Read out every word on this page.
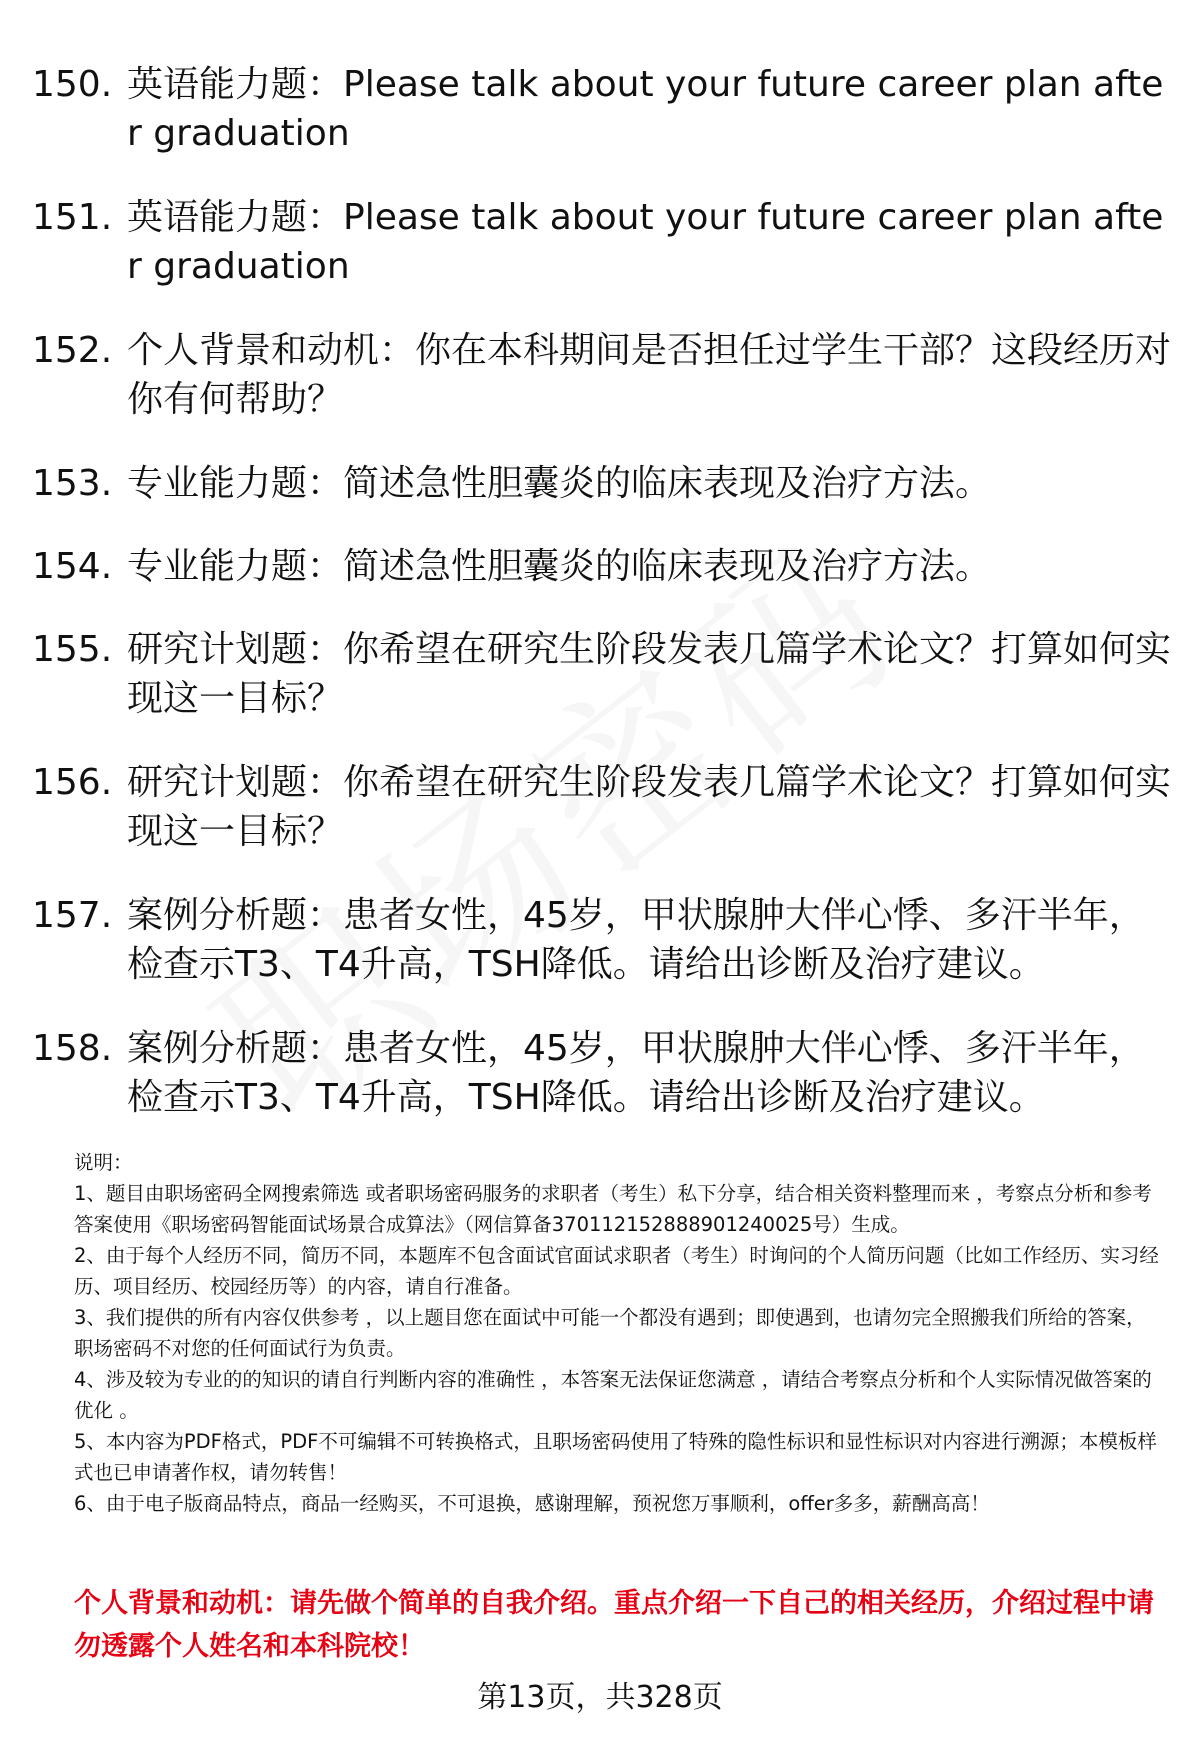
150. 英语能力题：Please talk about your future career plan after graduation
151. 英语能力题：Please talk about your future career plan after graduation
152. 个人背景和动机：你在本科期间是否担任过学生干部？这段经历对你有何帮助？
153. 专业能力题：简述急性胆囊炎的临床表现及治疗方法。
154. 专业能力题：简述急性胆囊炎的临床表现及治疗方法。
155. 研究计划题：你希望在研究生阶段发表几篇学术论文？打算如何实现这一目标？
156. 研究计划题：你希望在研究生阶段发表几篇学术论文？打算如何实现这一目标？
157. 案例分析题：患者女性，45岁，甲状腺肿大伴心悸、多汗半年，检查示T3、T4升高，TSH降低。请给出诊断及治疗建议。
158. 案例分析题：患者女性，45岁，甲状腺肿大伴心悸、多汗半年，检查示T3、T4升高，TSH降低。请给出诊断及治疗建议。

说明：

1、题目由职场密码全网搜索筛选 或者职场密码服务的求职者（考生）私下分享，结合相关资料整理而来 ，考察点分析和参考答案使用《职场密码智能面试场景合成算法》（网信算备370112152888901240025号）生成。

2、由于每个人经历不同，简历不同，本题库不包含面试官面试求职者（考生）时询问的个人简历问题（比如工作经历、实习经历、项目经历、校园经历等）的内容，请自行准备。

3、我们提供的所有内容仅供参考 ，以上题目您在面试中可能一个都没有遇到；即使遇到，也请勿完全照搬我们所给的答案，职场密码不对您的任何面试行为负责。

4、涉及较为专业的的知识的请自行判断内容的准确性 ，本答案无法保证您满意 ，请结合考察点分析和个人实际情况做答案的优化 。

5、本内容为PDF格式，PDF不可编辑不可转换格式，且职场密码使用了特殊的隐性标识和显性标识对内容进行溯源；本模板样式也已申请著作权，请勿转售！

6、由于电子版商品特点，商品一经购买，不可退换，感谢理解，预祝您万事顺利，offer多多，薪酬高高！

个人背景和动机：请先做个简单的自我介绍。重点介绍一下自己的相关经历，介绍过程中请勿透露个人姓名和本科院校！
第13页，共328页
